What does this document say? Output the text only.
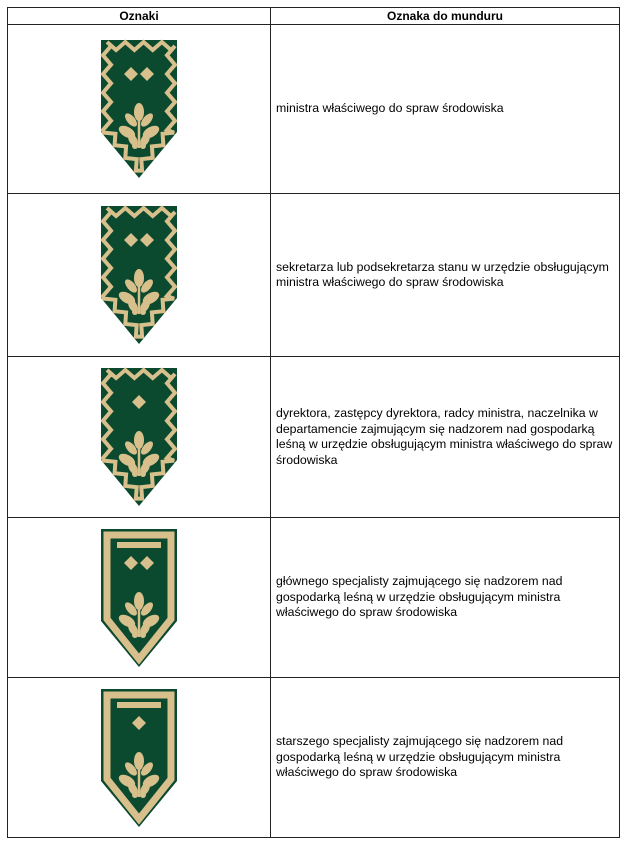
Oznaki	Oznaka do munduru

	ministra właściwego do spraw środowiska

	sekretarza lub podsekretarza stanu w urzędzie obsługującym ministra właściwego do spraw środowiska

	dyrektora, zastępcy dyrektora, radcy ministra, naczelnika w departamencie zajmującym się nadzorem nad gospodarką leśną w urzędzie obsługującym ministra właściwego do spraw środowiska

	głównego specjalisty zajmującego się nadzorem nad gospodarką leśną w urzędzie obsługującym ministra właściwego do spraw środowiska

	starszego specjalisty zajmującego się nadzorem nad gospodarką leśną w urzędzie obsługującym ministra właściwego do spraw środowiska
